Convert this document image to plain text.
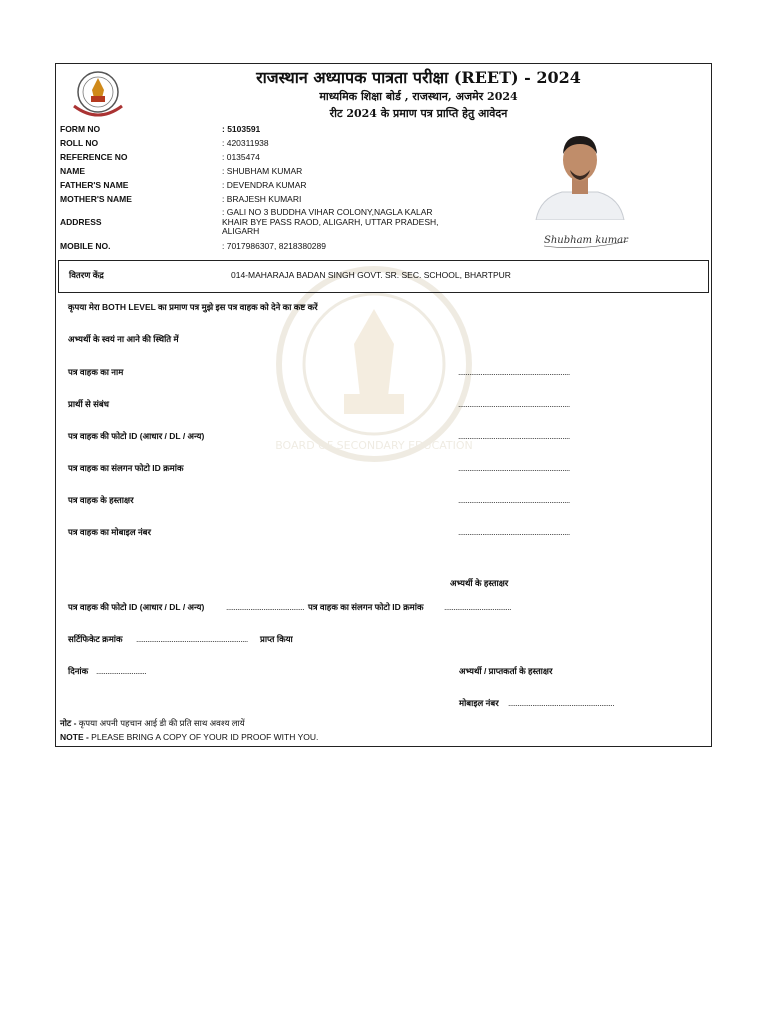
BOARD OF SECONDARY EDUCATION
राजस्थान अध्यापक पात्रता परीक्षा (REET) - 2024
माध्यमिक शिक्षा बोर्ड , राजस्थान, अजमेर 2024
रीट 2024 के प्रमाण पत्र प्राप्ति हेतु आवेदन
FORM NO	: 5103591
ROLL NO	: 420311938
REFERENCE NO	: 0135474
NAME	: SHUBHAM KUMAR
FATHER'S NAME	: DEVENDRA KUMAR
MOTHER'S NAME	: BRAJESH KUMARI
ADDRESS
: GALI NO 3 BUDDHA VIHAR COLONY,NAGLA KALAR
KHAIR BYE PASS RAOD, ALIGARH, UTTAR PRADESH,
ALIGARH
MOBILE NO.	: 7017986307, 8218380289	Shubham kumar
वितरण केंद्र	014-MAHARAJA BADAN SINGH GOVT. SR. SEC. SCHOOL, BHARTPUR
कृपया मेरा BOTH LEVEL का प्रमाण पत्र मुझे इस पत्र वाहक को देने का कष्ट करें
अभ्यर्थी के स्वयं ना आने की स्थिति में
पत्र वाहक का नाम	............................................................
प्रार्थी से संबंध	............................................................
पत्र वाहक की फोटो ID (आधार / DL / अन्य)	............................................................
पत्र वाहक का संलगन फोटो ID क्रमांक	............................................................
पत्र वाहक के हस्ताक्षर	............................................................
पत्र वाहक का मोबाइल नंबर	............................................................
अभ्यर्थी के हस्ताक्षर
पत्र वाहक की फोटो ID (आधार / DL / अन्य)	.......................................... पत्र वाहक का संलगन फोटो ID क्रमांक ....................................
सर्टिफिकेट क्रमांक ............................................................ प्राप्त किया
दिनांक ...........................	अभ्यर्थी / प्राप्तकर्ता के हस्ताक्षर
मोबाइल नंबर .........................................................
नोट - कृपया अपनी पहचान आई डी की प्रति साथ अवश्य लायें
NOTE - PLEASE BRING A COPY OF YOUR ID PROOF WITH YOU.
